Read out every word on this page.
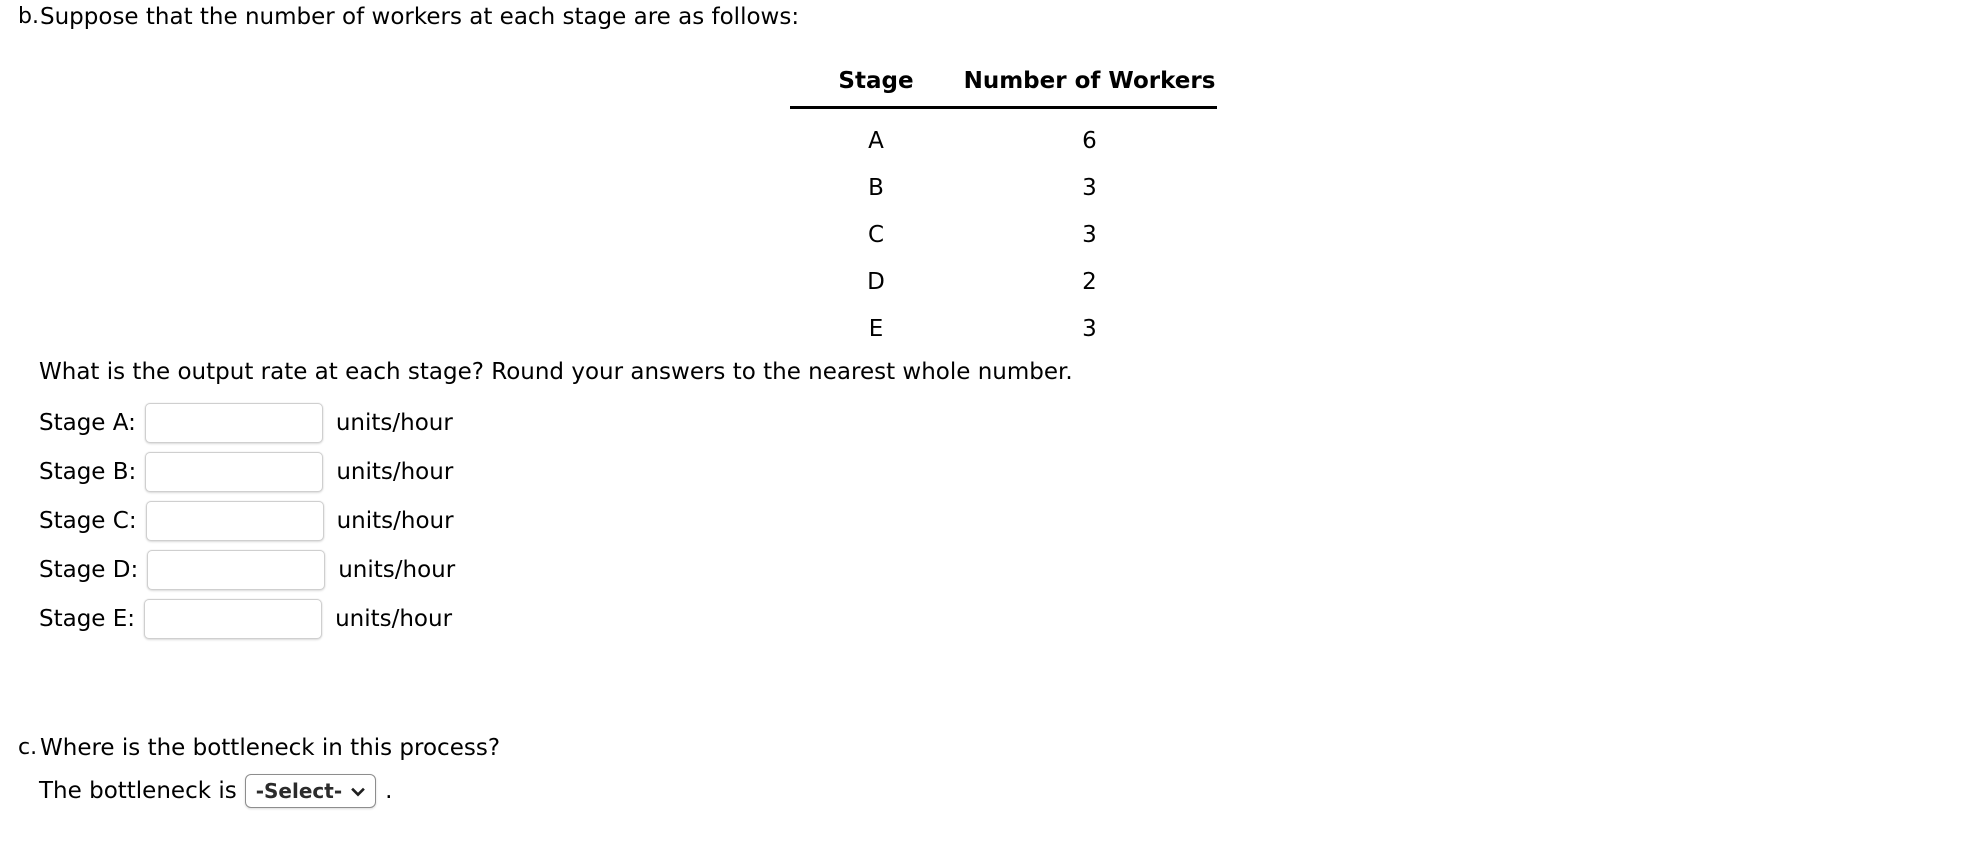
b. Suppose that the number of workers at each stage are as follows:
Stage	Number of Workers
A	6
B	3
C	3
D	2
E	3
What is the output rate at each stage? Round your answers to the nearest whole number.
Stage A:	units/hour
Stage B:	units/hour
Stage C:	units/hour
Stage D:	units/hour
Stage E:	units/hour
c. Where is the bottleneck in this process?
The bottleneck is -Select- .
